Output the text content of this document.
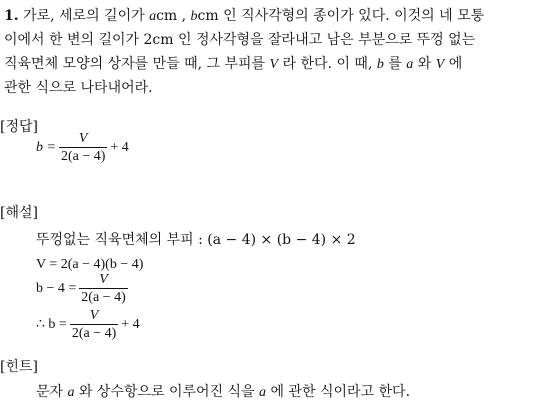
1. 가로, 세로의 길이가 acm , bcm 인 직사각형의 종이가 있다. 이것의 네 모퉁
이에서 한 변의 길이가 2cm 인 정사각형을 잘라내고 남은 부분으로 뚜껑 없는
직육면체 모양의 상자를 만들 때, 그 부피를 V 라 한다. 이 때, b 를 a 와 V 에
관한 식으로 나타내어라.
[정답]
$b = \frac{V}{2(a - 4)} + 4$
[해설]
뚜껑없는 직육면체의 부피 : (a − 4) × (b − 4) × 2
V = 2(a − 4)(b − 4)
$b - 4 = \frac{V}{2(a - 4)}$
∴ $b = \frac{V}{2(a - 4)} + 4$
[힌트]
문자 a 와 상수항으로 이루어진 식을 a 에 관한 식이라고 한다.
